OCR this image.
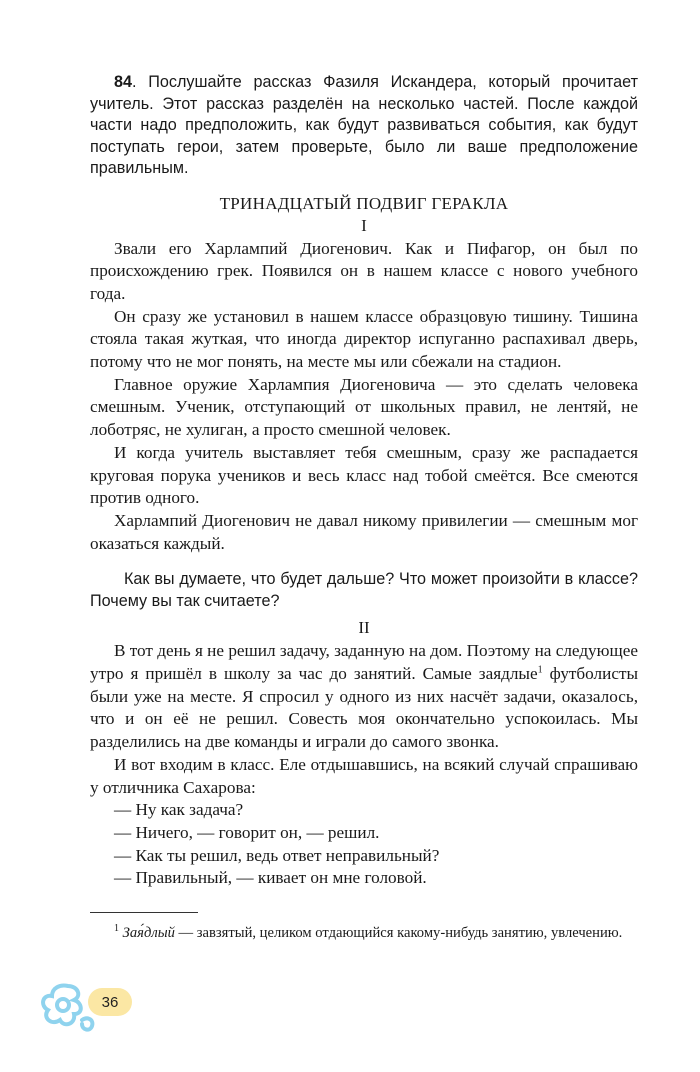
84. Послушайте рассказ Фазиля Искандера, который прочитает учитель. Этот рассказ разделён на несколько частей. После каждой части надо предположить, как будут развиваться события, как будут поступать герои, затем проверьте, было ли ваше предположение правильным.

ТРИНАДЦАТЫЙ ПОДВИГ ГЕРАКЛА
I

Звали его Харлампий Диогенович. Как и Пифагор, он был по происхождению грек. Появился он в нашем классе с нового учебного года.

Он сразу же установил в нашем классе образцовую тишину. Тишина стояла такая жуткая, что иногда директор испуганно распахивал дверь, потому что не мог понять, на месте мы или сбежали на стадион.

Главное оружие Харлампия Диогеновича — это сделать человека смешным. Ученик, отступающий от школьных правил, не лентяй, не лоботряс, не хулиган, а просто смешной человек.

И когда учитель выставляет тебя смешным, сразу же распадается круговая порука учеников и весь класс над тобой смеётся. Все смеются против одного.

Харлампий Диогенович не давал никому привилегии — смешным мог оказаться каждый.

Как вы думаете, что будет дальше? Что может произойти в классе? Почему вы так считаете?

II

В тот день я не решил задачу, заданную на дом. Поэтому на следующее утро я пришёл в школу за час до занятий. Самые заядлые$^1$ футболисты были уже на месте. Я спросил у одного из них насчёт задачи, оказалось, что и он её не решил. Совесть моя окончательно успокоилась. Мы разделились на две команды и играли до самого звонка.

И вот входим в класс. Еле отдышавшись, на всякий случай спрашиваю у отличника Сахарова:

— Ну как задача?

— Ничего, — говорит он, — решил.

— Как ты решил, ведь ответ неправильный?

— Правильный, — кивает он мне головой.

$^1$ Зая́длый — завзятый, целиком отдающийся какому-нибудь занятию, увлечению.

36
